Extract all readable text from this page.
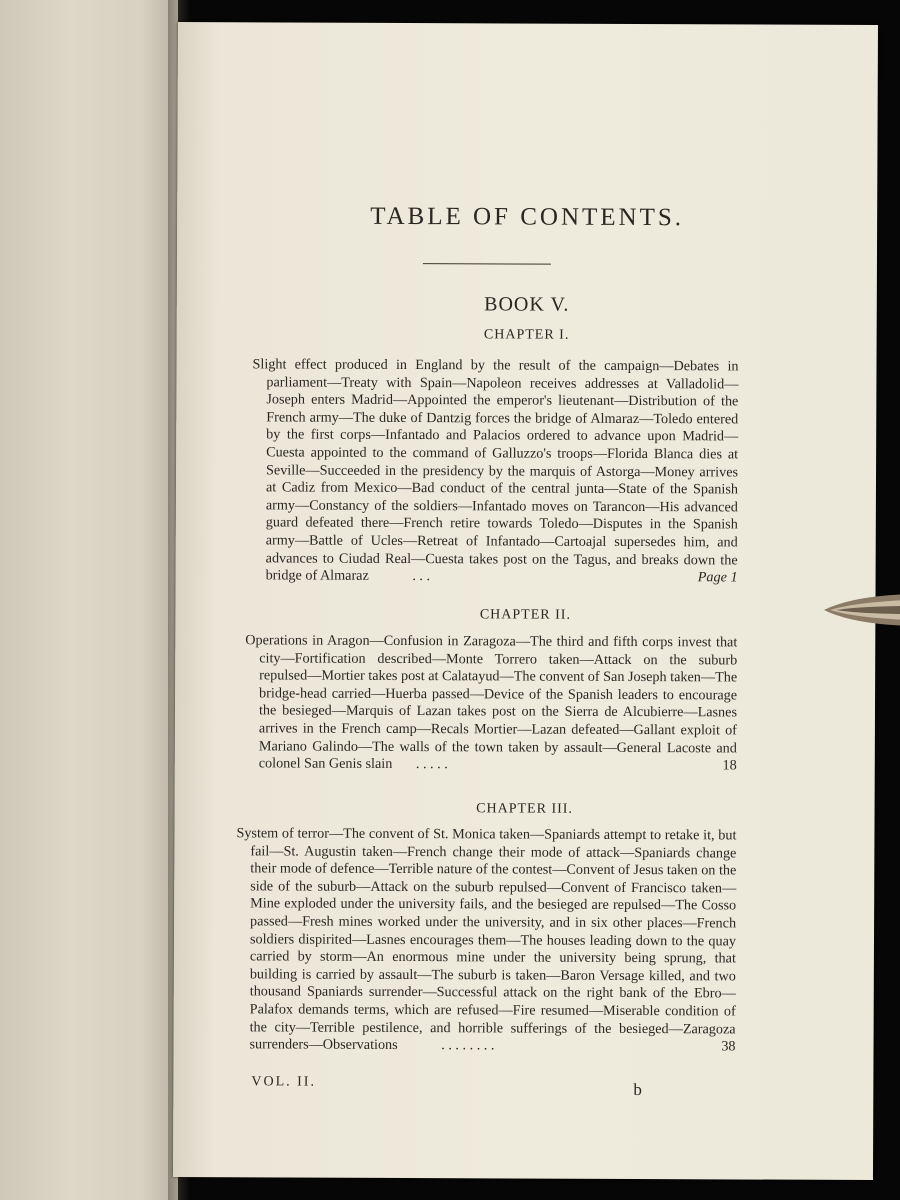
TABLE OF CONTENTS.
BOOK V.
CHAPTER I.

Slight effect produced in England by the result of the campaign—Debates in parliament—Treaty with Spain—Napoleon receives addresses at Valladolid—Joseph enters Madrid—Appointed the emperor's lieutenant—Distribution of the French army—The duke of Dantzig forces the bridge of Almaraz—Toledo entered by the first corps—Infantado and Palacios ordered to advance upon Madrid—Cuesta appointed to the command of Galluzzo's troops—Florida Blanca dies at Seville—Succeeded in the presidency by the marquis of Astorga—Money arrives at Cadiz from Mexico—Bad conduct of the central junta—State of the Spanish army—Constancy of the soldiers—Infantado moves on Tarancon—His advanced guard defeated there—French retire towards Toledo—Disputes in the Spanish army—Battle of Ucles—Retreat of Infantado—Cartoajal supersedes him, and advances to Ciudad Real—Cuesta takes post on the Tagus, and breaks down the bridge of Almaraz	. . .	Page 1

CHAPTER II.

Operations in Aragon—Confusion in Zaragoza—The third and fifth corps invest that city—Fortification described—Monte Torrero taken—Attack on the suburb repulsed—Mortier takes post at Calatayud—The convent of San Joseph taken—The bridge-head carried—Huerba passed—Device of the Spanish leaders to encourage the besieged—Marquis of Lazan takes post on the Sierra de Alcubierre—Lasnes arrives in the French camp—Recals Mortier—Lazan defeated—Gallant exploit of Mariano Galindo—The walls of the town taken by assault—General Lacoste and colonel San Genis slain . . . . .	18

CHAPTER III.

System of terror—The convent of St. Monica taken—Spaniards attempt to retake it, but fail—St. Augustin taken—French change their mode of attack—Spaniards change their mode of defence—Terrible nature of the contest—Convent of Jesus taken on the side of the suburb—Attack on the suburb repulsed—Convent of Francisco taken—Mine exploded under the university fails, and the besieged are repulsed—The Cosso passed—Fresh mines worked under the university, and in six other places—French soldiers dispirited—Lasnes encourages them—The houses leading down to the quay carried by storm—An enormous mine under the university being sprung, that building is carried by assault—The suburb is taken—Baron Versage killed, and two thousand Spaniards surrender—Successful attack on the right bank of the Ebro—Palafox demands terms, which are refused—Fire resumed—Miserable condition of the city—Terrible pestilence, and horrible sufferings of the besieged—Zaragoza surrenders—Observations	. . . . . . . .	38

VOL. II.	b
